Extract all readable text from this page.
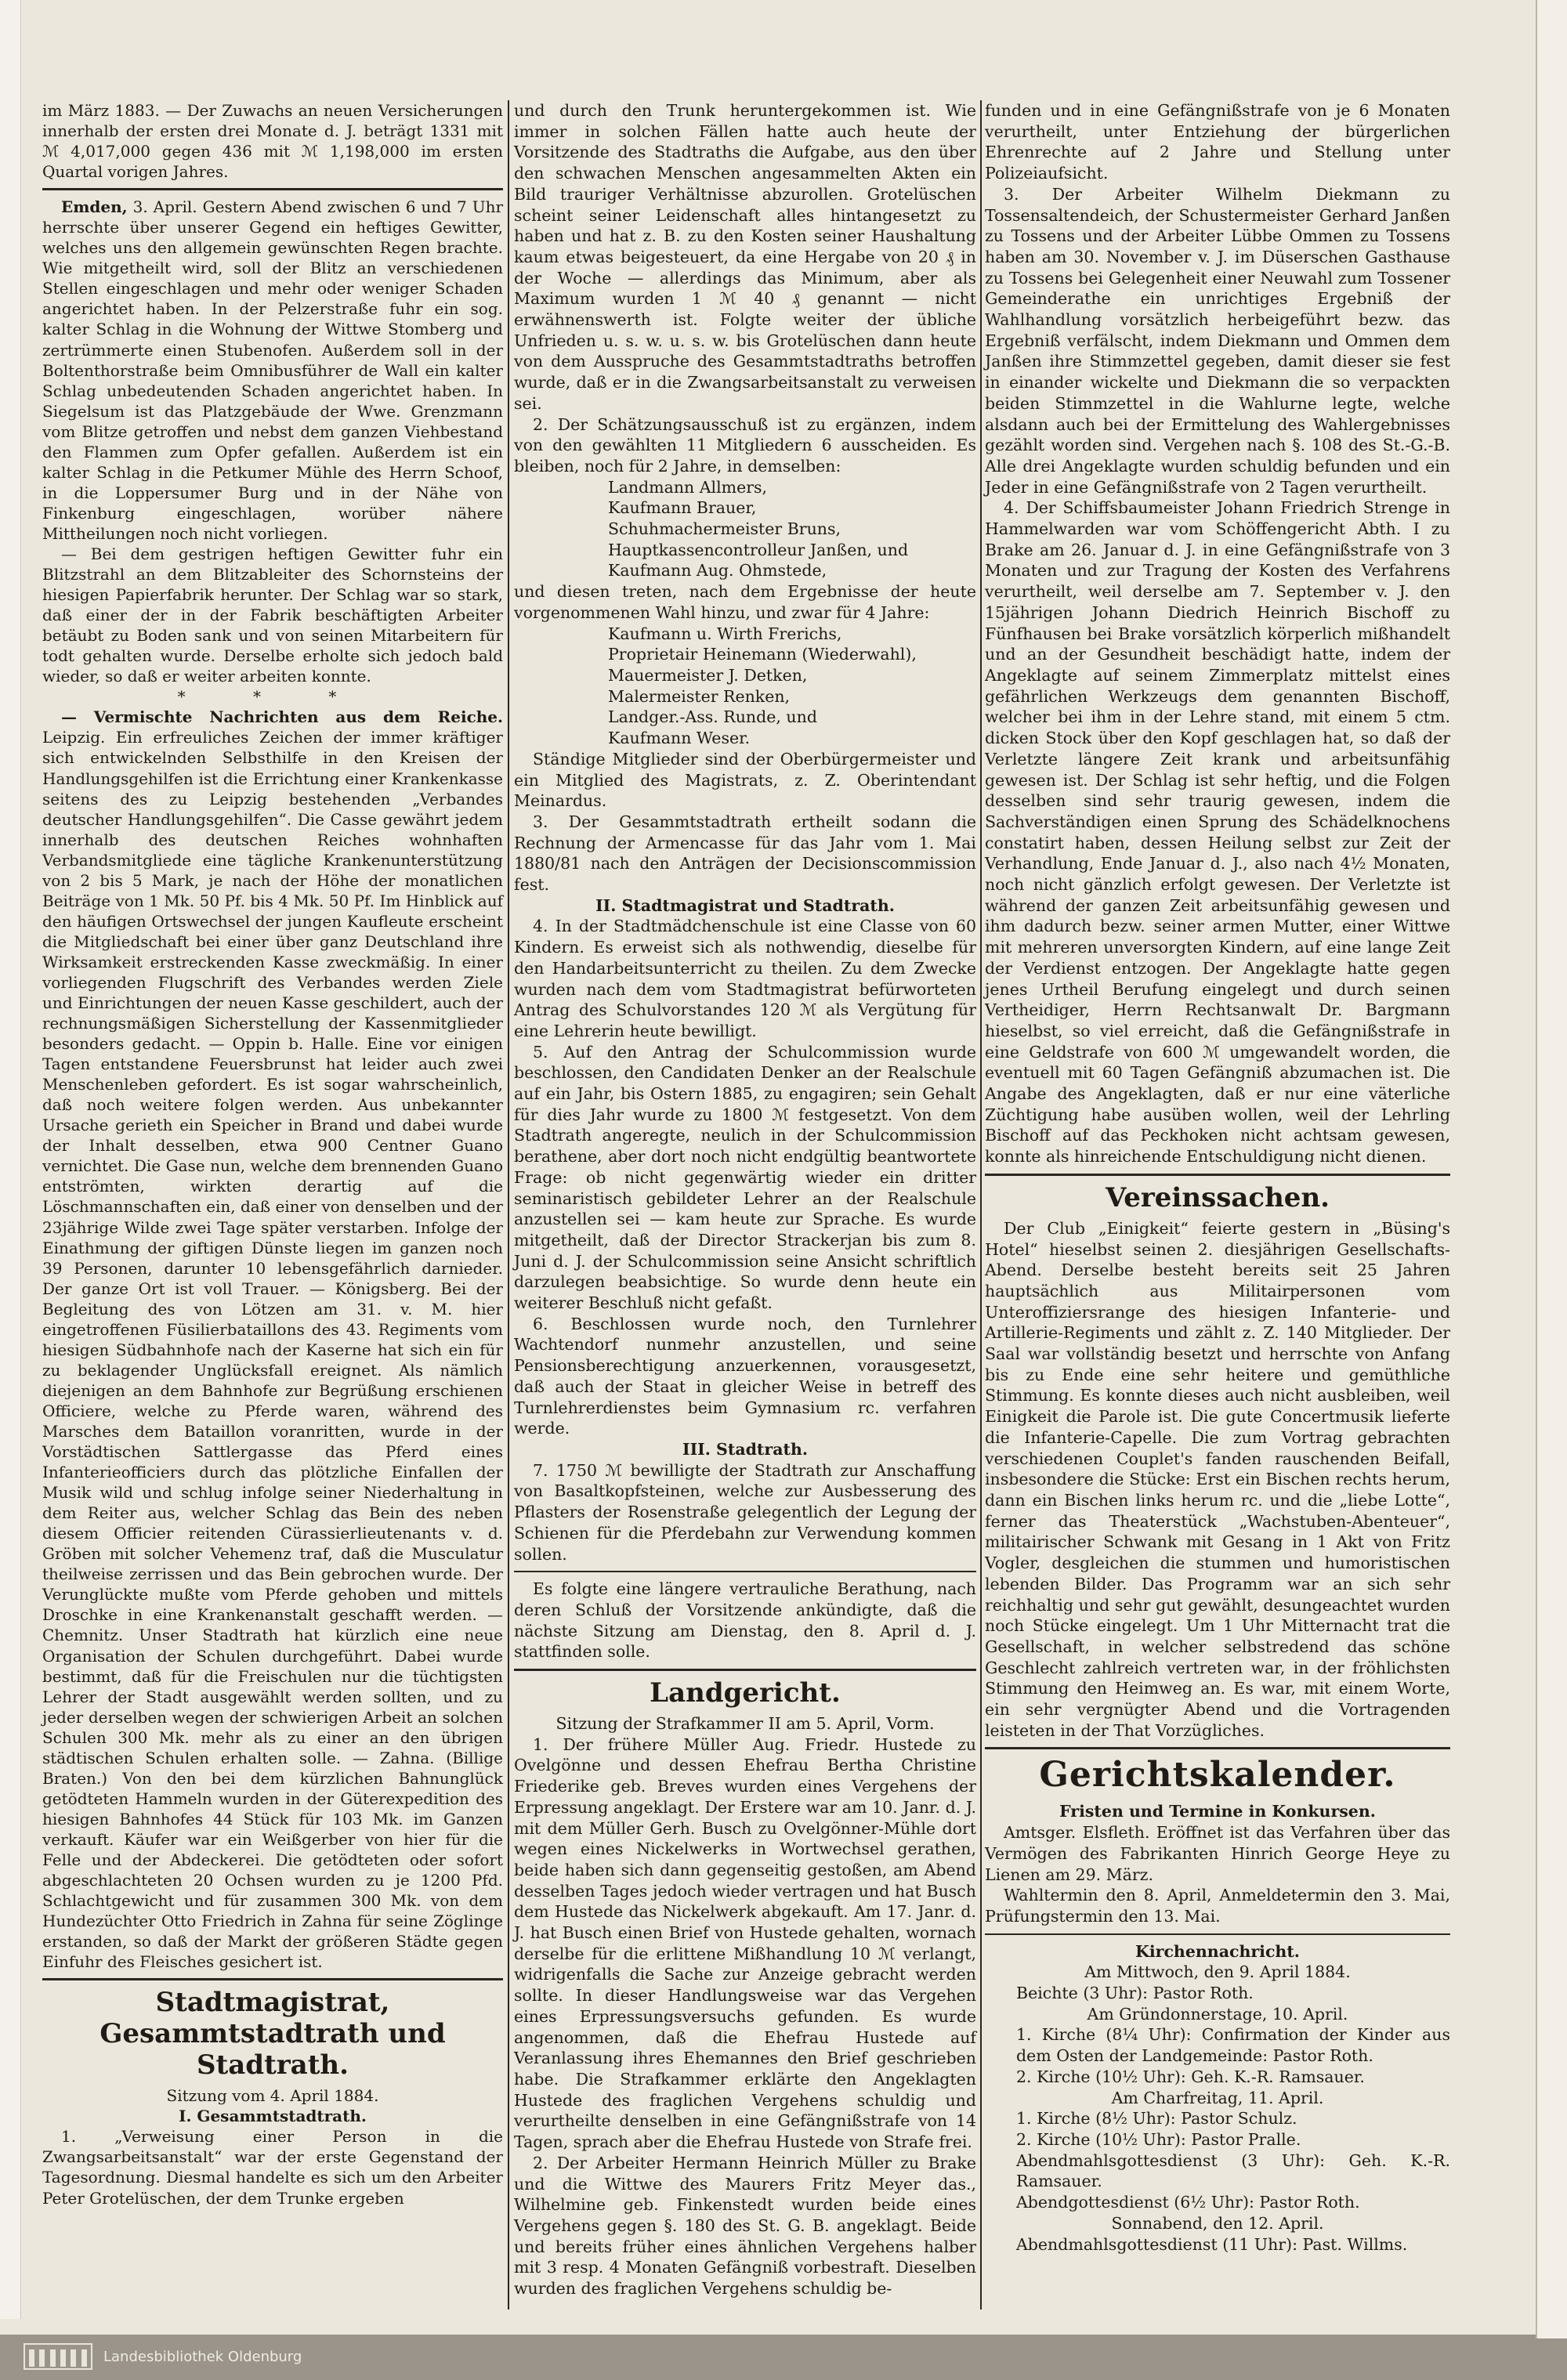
im März 1883. — Der Zuwachs an neuen Versicherungen innerhalb der ersten drei Monate d. J. beträgt 1331 mit ℳ 4,017,000 gegen 436 mit ℳ 1,198,000 im ersten Quartal vorigen Jahres.

Emden, 3. April. Gestern Abend zwischen 6 und 7 Uhr herrschte über unserer Gegend ein heftiges Gewitter, welches uns den allgemein gewünschten Regen brachte. Wie mitgetheilt wird, soll der Blitz an verschiedenen Stellen eingeschlagen und mehr oder weniger Schaden angerichtet haben. In der Pelzerstraße fuhr ein sog. kalter Schlag in die Wohnung der Wittwe Stomberg und zertrümmerte einen Stubenofen. Außerdem soll in der Boltenthorstraße beim Omnibusführer de Wall ein kalter Schlag unbedeutenden Schaden angerichtet haben. In Siegelsum ist das Platzgebäude der Wwe. Grenzmann vom Blitze getroffen und nebst dem ganzen Viehbestand den Flammen zum Opfer gefallen. Außerdem ist ein kalter Schlag in die Petkumer Mühle des Herrn Schoof, in die Loppersumer Burg und in der Nähe von Finkenburg eingeschlagen, worüber nähere Mittheilungen noch nicht vorliegen.

— Bei dem gestrigen heftigen Gewitter fuhr ein Blitzstrahl an dem Blitzableiter des Schornsteins der hiesigen Papierfabrik herunter. Der Schlag war so stark, daß einer der in der Fabrik beschäftigten Arbeiter betäubt zu Boden sank und von seinen Mitarbeitern für todt gehalten wurde. Derselbe erholte sich jedoch bald wieder, so daß er weiter arbeiten konnte.

* * *

— Vermischte Nachrichten aus dem Reiche. Leipzig. Ein erfreuliches Zeichen der immer kräftiger sich entwickelnden Selbsthilfe in den Kreisen der Handlungsgehilfen ist die Errichtung einer Krankenkasse seitens des zu Leipzig bestehenden „Verbandes deutscher Handlungsgehilfen“. Die Casse gewährt jedem innerhalb des deutschen Reiches wohnhaften Verbandsmitgliede eine tägliche Krankenunterstützung von 2 bis 5 Mark, je nach der Höhe der monatlichen Beiträge von 1 Mk. 50 Pf. bis 4 Mk. 50 Pf. Im Hinblick auf den häufigen Ortswechsel der jungen Kaufleute erscheint die Mitgliedschaft bei einer über ganz Deutschland ihre Wirksamkeit erstreckenden Kasse zweckmäßig. In einer vorliegenden Flugschrift des Verbandes werden Ziele und Einrichtungen der neuen Kasse geschildert, auch der rechnungsmäßigen Sicherstellung der Kassenmitglieder besonders gedacht. — Oppin b. Halle. Eine vor einigen Tagen entstandene Feuersbrunst hat leider auch zwei Menschenleben gefordert. Es ist sogar wahrscheinlich, daß noch weitere folgen werden. Aus unbekannter Ursache gerieth ein Speicher in Brand und dabei wurde der Inhalt desselben, etwa 900 Centner Guano vernichtet. Die Gase nun, welche dem brennenden Guano entströmten, wirkten derartig auf die Löschmannschaften ein, daß einer von denselben und der 23jährige Wilde zwei Tage später verstarben. Infolge der Einathmung der giftigen Dünste liegen im ganzen noch 39 Personen, darunter 10 lebensgefährlich darnieder. Der ganze Ort ist voll Trauer. — Königsberg. Bei der Begleitung des von Lötzen am 31. v. M. hier eingetroffenen Füsilierbataillons des 43. Regiments vom hiesigen Südbahnhofe nach der Kaserne hat sich ein für zu beklagender Unglücksfall ereignet. Als nämlich diejenigen an dem Bahnhofe zur Begrüßung erschienen Officiere, welche zu Pferde waren, während des Marsches dem Bataillon voranritten, wurde in der Vorstädtischen Sattlergasse das Pferd eines Infanterieofficiers durch das plötzliche Einfallen der Musik wild und schlug infolge seiner Niederhaltung in dem Reiter aus, welcher Schlag das Bein des neben diesem Officier reitenden Cürassierlieutenants v. d. Gröben mit solcher Vehemenz traf, daß die Musculatur theilweise zerrissen und das Bein gebrochen wurde. Der Verunglückte mußte vom Pferde gehoben und mittels Droschke in eine Krankenanstalt geschafft werden. — Chemnitz. Unser Stadtrath hat kürzlich eine neue Organisation der Schulen durchgeführt. Dabei wurde bestimmt, daß für die Freischulen nur die tüchtigsten Lehrer der Stadt ausgewählt werden sollten, und zu jeder derselben wegen der schwierigen Arbeit an solchen Schulen 300 Mk. mehr als zu einer an den übrigen städtischen Schulen erhalten solle. — Zahna. (Billige Braten.) Von den bei dem kürzlichen Bahnunglück getödteten Hammeln wurden in der Güterexpedition des hiesigen Bahnhofes 44 Stück für 103 Mk. im Ganzen verkauft. Käufer war ein Weißgerber von hier für die Felle und der Abdeckerei. Die getödteten oder sofort abgeschlachteten 20 Ochsen wurden zu je 1200 Pfd. Schlachtgewicht und für zusammen 300 Mk. von dem Hundezüchter Otto Friedrich in Zahna für seine Zöglinge erstanden, so daß der Markt der größeren Städte gegen Einfuhr des Fleisches gesichert ist.

Stadtmagistrat, Gesammtstadtrath und Stadtrath.
Sitzung vom 4. April 1884.
I. Gesammtstadtrath.

1. „Verweisung einer Person in die Zwangsarbeitsanstalt“ war der erste Gegenstand der Tagesordnung. Diesmal handelte es sich um den Arbeiter Peter Grotelüschen, der dem Trunke ergeben

und durch den Trunk heruntergekommen ist. Wie immer in solchen Fällen hatte auch heute der Vorsitzende des Stadtraths die Aufgabe, aus den über den schwachen Menschen angesammelten Akten ein Bild trauriger Verhältnisse abzurollen. Grotelüschen scheint seiner Leidenschaft alles hintangesetzt zu haben und hat z. B. zu den Kosten seiner Haushaltung kaum etwas beigesteuert, da eine Hergabe von 20 ₰ in der Woche — allerdings das Minimum, aber als Maximum wurden 1 ℳ 40 ₰ genannt — nicht erwähnenswerth ist. Folgte weiter der übliche Unfrieden u. s. w. u. s. w. bis Grotelüschen dann heute von dem Ausspruche des Gesammtstadtraths betroffen wurde, daß er in die Zwangsarbeitsanstalt zu verweisen sei.

2. Der Schätzungsausschuß ist zu ergänzen, indem von den gewählten 11 Mitgliedern 6 ausscheiden. Es bleiben, noch für 2 Jahre, in demselben:

Landmann Allmers,
Kaufmann Brauer,
Schuhmachermeister Bruns,
Hauptkassencontrolleur Janßen, und
Kaufmann Aug. Ohmstede,

und diesen treten, nach dem Ergebnisse der heute vorgenommenen Wahl hinzu, und zwar für 4 Jahre:

Kaufmann u. Wirth Frerichs,
Proprietair Heinemann (Wiederwahl),
Mauermeister J. Detken,
Malermeister Renken,
Landger.-Ass. Runde, und
Kaufmann Weser.

Ständige Mitglieder sind der Oberbürgermeister und ein Mitglied des Magistrats, z. Z. Oberintendant Meinardus.

3. Der Gesammtstadtrath ertheilt sodann die Rechnung der Armencasse für das Jahr vom 1. Mai 1880/81 nach den Anträgen der Decisionscommission fest.

II. Stadtmagistrat und Stadtrath.

4. In der Stadtmädchenschule ist eine Classe von 60 Kindern. Es erweist sich als nothwendig, dieselbe für den Handarbeitsunterricht zu theilen. Zu dem Zwecke wurden nach dem vom Stadtmagistrat befürworteten Antrag des Schulvorstandes 120 ℳ als Vergütung für eine Lehrerin heute bewilligt.

5. Auf den Antrag der Schulcommission wurde beschlossen, den Candidaten Denker an der Realschule auf ein Jahr, bis Ostern 1885, zu engagiren; sein Gehalt für dies Jahr wurde zu 1800 ℳ festgesetzt. Von dem Stadtrath angeregte, neulich in der Schulcommission berathene, aber dort noch nicht endgültig beantwortete Frage: ob nicht gegenwärtig wieder ein dritter seminaristisch gebildeter Lehrer an der Realschule anzustellen sei — kam heute zur Sprache. Es wurde mitgetheilt, daß der Director Strackerjan bis zum 8. Juni d. J. der Schulcommission seine Ansicht schriftlich darzulegen beabsichtige. So wurde denn heute ein weiterer Beschluß nicht gefaßt.

6. Beschlossen wurde noch, den Turnlehrer Wachtendorf nunmehr anzustellen, und seine Pensionsberechtigung anzuerkennen, vorausgesetzt, daß auch der Staat in gleicher Weise in betreff des Turnlehrerdienstes beim Gymnasium rc. verfahren werde.

III. Stadtrath.

7. 1750 ℳ bewilligte der Stadtrath zur Anschaffung von Basaltkopfsteinen, welche zur Ausbesserung des Pflasters der Rosenstraße gelegentlich der Legung der Schienen für die Pferdebahn zur Verwendung kommen sollen.

Es folgte eine längere vertrauliche Berathung, nach deren Schluß der Vorsitzende ankündigte, daß die nächste Sitzung am Dienstag, den 8. April d. J. stattfinden solle.

Landgericht.
Sitzung der Strafkammer II am 5. April, Vorm.

1. Der frühere Müller Aug. Friedr. Hustede zu Ovelgönne und dessen Ehefrau Bertha Christine Friederike geb. Breves wurden eines Vergehens der Erpressung angeklagt. Der Erstere war am 10. Janr. d. J. mit dem Müller Gerh. Busch zu Ovelgönner-Mühle dort wegen eines Nickelwerks in Wortwechsel gerathen, beide haben sich dann gegenseitig gestoßen, am Abend desselben Tages jedoch wieder vertragen und hat Busch dem Hustede das Nickelwerk abgekauft. Am 17. Janr. d. J. hat Busch einen Brief von Hustede gehalten, wornach derselbe für die erlittene Mißhandlung 10 ℳ verlangt, widrigenfalls die Sache zur Anzeige gebracht werden sollte. In dieser Handlungsweise war das Vergehen eines Erpressungsversuchs gefunden. Es wurde angenommen, daß die Ehefrau Hustede auf Veranlassung ihres Ehemannes den Brief geschrieben habe. Die Strafkammer erklärte den Angeklagten Hustede des fraglichen Vergehens schuldig und verurtheilte denselben in eine Gefängnißstrafe von 14 Tagen, sprach aber die Ehefrau Hustede von Strafe frei.

2. Der Arbeiter Hermann Heinrich Müller zu Brake und die Wittwe des Maurers Fritz Meyer das., Wilhelmine geb. Finkenstedt wurden beide eines Vergehens gegen §. 180 des St. G. B. angeklagt. Beide und bereits früher eines ähnlichen Vergehens halber mit 3 resp. 4 Monaten Gefängniß vorbestraft. Dieselben wurden des fraglichen Vergehens schuldig be-

funden und in eine Gefängnißstrafe von je 6 Monaten verurtheilt, unter Entziehung der bürgerlichen Ehrenrechte auf 2 Jahre und Stellung unter Polizeiaufsicht.

3. Der Arbeiter Wilhelm Diekmann zu Tossensaltendeich, der Schustermeister Gerhard Janßen zu Tossens und der Arbeiter Lübbe Ommen zu Tossens haben am 30. November v. J. im Düserschen Gasthause zu Tossens bei Gelegenheit einer Neuwahl zum Tossener Gemeinderathe ein unrichtiges Ergebniß der Wahlhandlung vorsätzlich herbeigeführt bezw. das Ergebniß verfälscht, indem Diekmann und Ommen dem Janßen ihre Stimmzettel gegeben, damit dieser sie fest in einander wickelte und Diekmann die so verpackten beiden Stimmzettel in die Wahlurne legte, welche alsdann auch bei der Ermittelung des Wahlergebnisses gezählt worden sind. Vergehen nach §. 108 des St.-G.-B. Alle drei Angeklagte wurden schuldig befunden und ein Jeder in eine Gefängnißstrafe von 2 Tagen verurtheilt.

4. Der Schiffsbaumeister Johann Friedrich Strenge in Hammelwarden war vom Schöffengericht Abth. I zu Brake am 26. Januar d. J. in eine Gefängnißstrafe von 3 Monaten und zur Tragung der Kosten des Verfahrens verurtheilt, weil derselbe am 7. September v. J. den 15jährigen Johann Diedrich Heinrich Bischoff zu Fünfhausen bei Brake vorsätzlich körperlich mißhandelt und an der Gesundheit beschädigt hatte, indem der Angeklagte auf seinem Zimmerplatz mittelst eines gefährlichen Werkzeugs dem genannten Bischoff, welcher bei ihm in der Lehre stand, mit einem 5 ctm. dicken Stock über den Kopf geschlagen hat, so daß der Verletzte längere Zeit krank und arbeitsunfähig gewesen ist. Der Schlag ist sehr heftig, und die Folgen desselben sind sehr traurig gewesen, indem die Sachverständigen einen Sprung des Schädelknochens constatirt haben, dessen Heilung selbst zur Zeit der Verhandlung, Ende Januar d. J., also nach 4½ Monaten, noch nicht gänzlich erfolgt gewesen. Der Verletzte ist während der ganzen Zeit arbeitsunfähig gewesen und ihm dadurch bezw. seiner armen Mutter, einer Wittwe mit mehreren unversorgten Kindern, auf eine lange Zeit der Verdienst entzogen. Der Angeklagte hatte gegen jenes Urtheil Berufung eingelegt und durch seinen Vertheidiger, Herrn Rechtsanwalt Dr. Bargmann hieselbst, so viel erreicht, daß die Gefängnißstrafe in eine Geldstrafe von 600 ℳ umgewandelt worden, die eventuell mit 60 Tagen Gefängniß abzumachen ist. Die Angabe des Angeklagten, daß er nur eine väterliche Züchtigung habe ausüben wollen, weil der Lehrling Bischoff auf das Peckhoken nicht achtsam gewesen, konnte als hinreichende Entschuldigung nicht dienen.

Vereinssachen.

Der Club „Einigkeit“ feierte gestern in „Büsing's Hotel“ hieselbst seinen 2. diesjährigen Gesellschafts-Abend. Derselbe besteht bereits seit 25 Jahren hauptsächlich aus Militairpersonen vom Unteroffiziersrange des hiesigen Infanterie- und Artillerie-Regiments und zählt z. Z. 140 Mitglieder. Der Saal war vollständig besetzt und herrschte von Anfang bis zu Ende eine sehr heitere und gemüthliche Stimmung. Es konnte dieses auch nicht ausbleiben, weil Einigkeit die Parole ist. Die gute Concertmusik lieferte die Infanterie-Capelle. Die zum Vortrag gebrachten verschiedenen Couplet's fanden rauschenden Beifall, insbesondere die Stücke: Erst ein Bischen rechts herum, dann ein Bischen links herum rc. und die „liebe Lotte“, ferner das Theaterstück „Wachstuben-Abenteuer“, militairischer Schwank mit Gesang in 1 Akt von Fritz Vogler, desgleichen die stummen und humoristischen lebenden Bilder. Das Programm war an sich sehr reichhaltig und sehr gut gewählt, desungeachtet wurden noch Stücke eingelegt. Um 1 Uhr Mitternacht trat die Gesellschaft, in welcher selbstredend das schöne Geschlecht zahlreich vertreten war, in der fröhlichsten Stimmung den Heimweg an. Es war, mit einem Worte, ein sehr vergnügter Abend und die Vortragenden leisteten in der That Vorzügliches.

Gerichtskalender.
Fristen und Termine in Konkursen.

Amtsger. Elsfleth. Eröffnet ist das Verfahren über das Vermögen des Fabrikanten Hinrich George Heye zu Lienen am 29. März.

Wahltermin den 8. April, Anmeldetermin den 3. Mai, Prüfungstermin den 13. Mai.

Kirchennachricht.
Am Mittwoch, den 9. April 1884.
Beichte (3 Uhr): Pastor Roth.
Am Gründonnerstage, 10. April.
1. Kirche (8¼ Uhr): Confirmation der Kinder aus dem Osten der Landgemeinde: Pastor Roth.
2. Kirche (10½ Uhr): Geh. K.-R. Ramsauer.
Am Charfreitag, 11. April.
1. Kirche (8½ Uhr): Pastor Schulz.
2. Kirche (10½ Uhr): Pastor Pralle.
Abendmahlsgottesdienst (3 Uhr): Geh. K.-R. Ramsauer.
Abendgottesdienst (6½ Uhr): Pastor Roth.
Sonnabend, den 12. April.
Abendmahlsgottesdienst (11 Uhr): Past. Willms.
Landesbibliothek Oldenburg
